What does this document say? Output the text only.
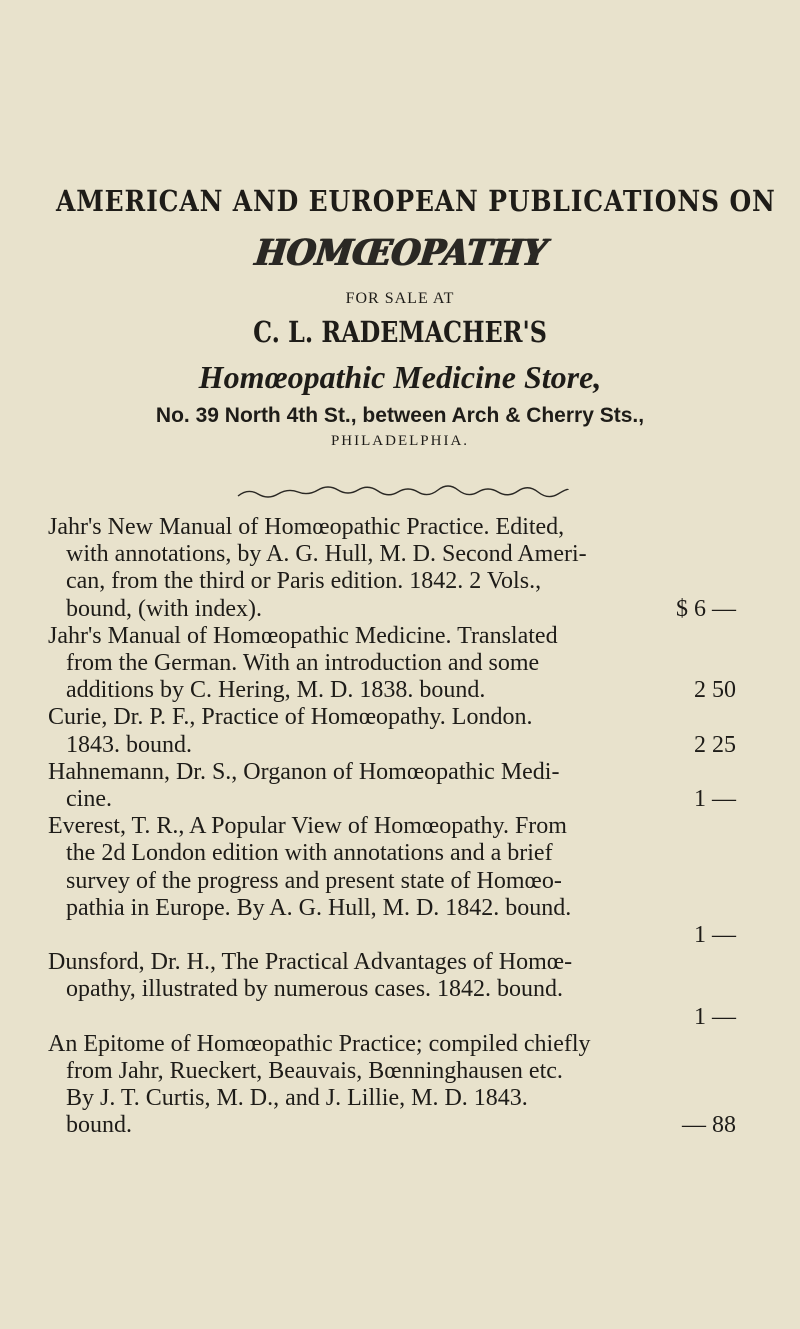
AMERICAN AND EUROPEAN PUBLICATIONS ON
HOMŒOPATHY
FOR SALE AT
C. L. RADEMACHER'S
Homœopathic Medicine Store,
No. 39 North 4th St., between Arch & Cherry Sts.,
PHILADELPHIA.
Jahr's New Manual of Homœopathic Practice. Edited,
with annotations, by A. G. Hull, M. D. Second Ameri-
can, from the third or Paris edition. 1842. 2 Vols.,
bound, (with index).	$ 6 —
Jahr's Manual of Homœopathic Medicine. Translated
from the German. With an introduction and some
additions by C. Hering, M. D. 1838. bound.	2 50
Curie, Dr. P. F., Practice of Homœopathy. London.
1843. bound.	2 25
Hahnemann, Dr. S., Organon of Homœopathic Medi-
cine.	1 —
Everest, T. R., A Popular View of Homœopathy. From
the 2d London edition with annotations and a brief
survey of the progress and present state of Homœo-
pathia in Europe. By A. G. Hull, M. D. 1842. bound.
1 —
Dunsford, Dr. H., The Practical Advantages of Homœ-
opathy, illustrated by numerous cases. 1842. bound.
1 —
An Epitome of Homœopathic Practice; compiled chiefly
from Jahr, Rueckert, Beauvais, Bœnninghausen etc.
By J. T. Curtis, M. D., and J. Lillie, M. D. 1843.
bound.	— 88
